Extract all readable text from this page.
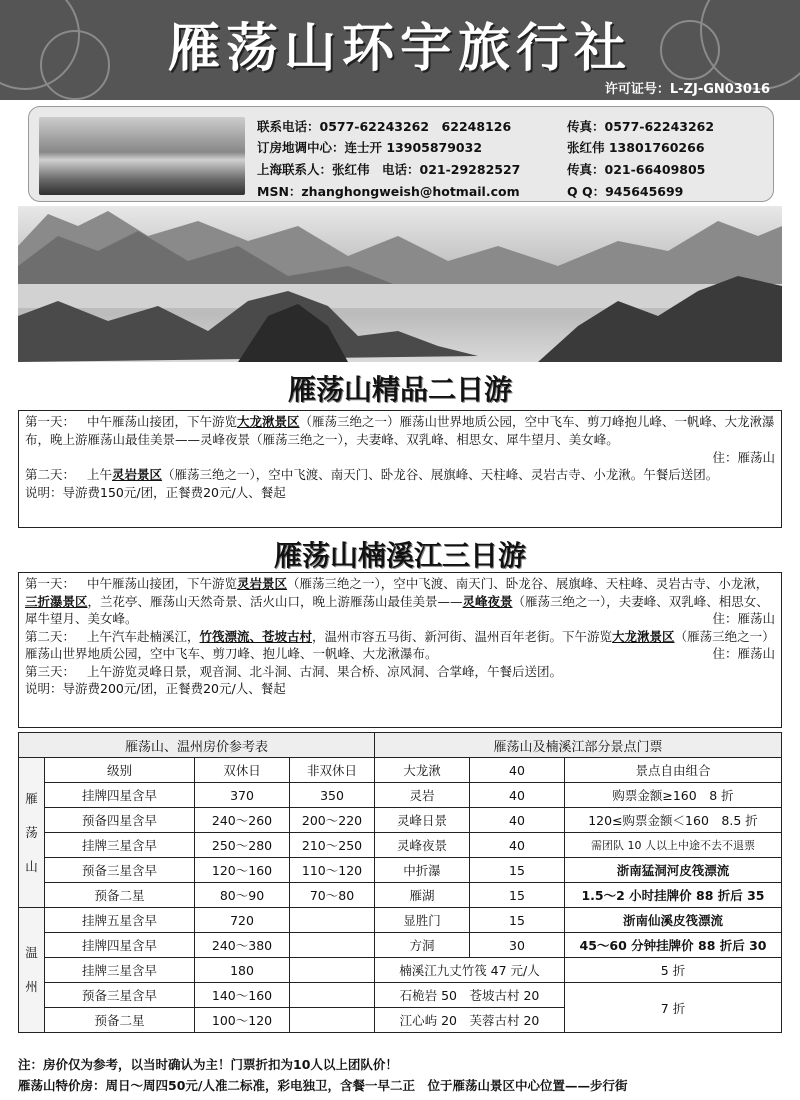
雁荡山环宇旅行社
许可证号：L-ZJ-GN03016
联系电话：0577-62243262　62248126	传真：0577-62243262
订房地调中心：连士开 13905879032	张红伟 13801760266
上海联系人：张红伟　电话：021-29282527	传真：021-66409805
MSN：zhanghongweish@hotmail.com	Q Q：945645699
雁荡山精品二日游

第一天： 中午雁荡山接团，下午游览大龙湫景区（雁荡三绝之一）雁荡山世界地质公园，空中飞车、剪刀峰抱儿峰、一帆峰、大龙湫瀑布，晚上游雁荡山最佳美景——灵峰夜景（雁荡三绝之一），夫妻峰、双乳峰、相思女、犀牛望月、美女峰。

住：雁荡山

第二天： 上午灵岩景区（雁荡三绝之一），空中飞渡、南天门、卧龙谷、展旗峰、天柱峰、灵岩古寺、小龙湫。午餐后送团。

说明：导游费150元/团，正餐费20元/人、餐起

雁荡山楠溪江三日游

第一天： 中午雁荡山接团，下午游览灵岩景区（雁荡三绝之一），空中飞渡、南天门、卧龙谷、展旗峰、天柱峰、灵岩古寺、小龙湫，三折瀑景区，兰花亭、雁荡山天然奇景、活火山口，晚上游雁荡山最佳美景——灵峰夜景（雁荡三绝之一），夫妻峰、双乳峰、相思女、犀牛望月、美女峰。	住：雁荡山

第二天： 上午汽车赴楠溪江，竹筏漂流、苍坡古村，温州市容五马街、新河街、温州百年老街。下午游览大龙湫景区（雁荡三绝之一）雁荡山世界地质公园，空中飞车、剪刀峰、抱儿峰、一帆峰、大龙湫瀑布。	住：雁荡山

第三天： 上午游览灵峰日景，观音洞、北斗洞、古洞、果合桥、凉风洞、合掌峰，午餐后送团。

说明：导游费200元/团，正餐费20元/人、餐起

雁荡山、温州房价参考表				雁荡山及楠溪江部分景点门票		
雁
荡
山	级别	双休日	非双休日	大龙湫	40	景点自由组合
	挂牌四星含早	370	350	灵岩	40	购票金额≥160　8 折
	预备四星含早	240～260	200～220	灵峰日景	40	120≤购票金额＜160　8.5 折
	挂牌三星含早	250～280	210～250	灵峰夜景	40	需团队 10 人以上中途不去不退票
	预备三星含早	120～160	110～120	中折瀑	15	浙南猛洞河皮筏漂流
	预备二星	80～90	70～80	雁湖	15	1.5～2 小时挂牌价 88 折后 35
温
州	挂牌五星含早	720		显胜门	15	浙南仙溪皮筏漂流
	挂牌四星含早	240～380		方洞	30	45～60 分钟挂牌价 88 折后 30
	挂牌三星含早	180		楠溪江九丈竹筏 47 元/人		5 折
	预备三星含早	140～160		石桅岩 50　苍坡古村 20		7 折
	预备二星	100～120		江心屿 20　芙蓉古村 20		
注：房价仅为参考，以当时确认为主！门票折扣为10人以上团队价！
雁荡山特价房：周日～周四50元/人准二标准，彩电独卫，含餐一早二正　位于雁荡山景区中心位置——步行街
